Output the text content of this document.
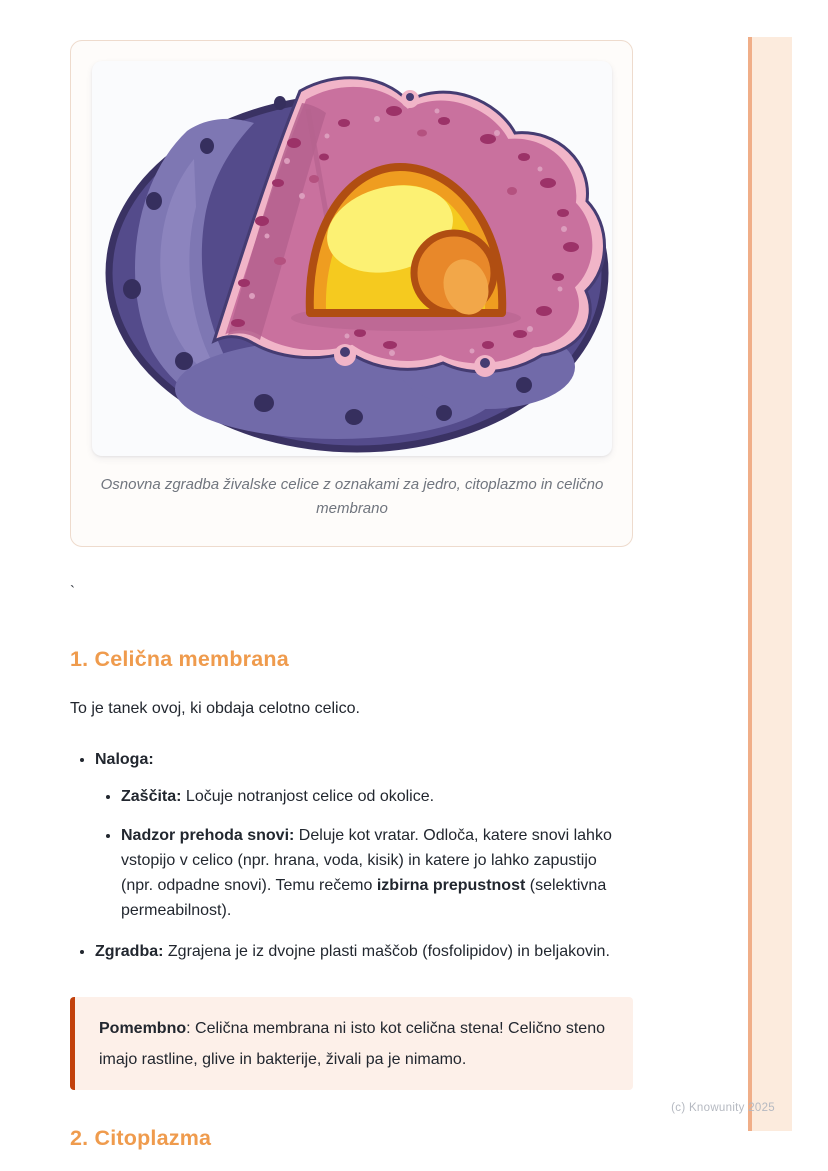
Osnovna zgradba živalske celice z oznakami za jedro, citoplazmo in celično membrano
`
1. Celična membrana

To je tanek ovoj, ki obdaja celotno celico.

• Naloga:
• Zaščita: Ločuje notranjost celice od okolice.
• Nadzor prehoda snovi: Deluje kot vratar. Odloča, katere snovi lahko vstopijo v celico (npr. hrana, voda, kisik) in katere jo lahko zapustijo (npr. odpadne snovi). Temu rečemo izbirna prepustnost (selektivna permeabilnost).
• Zgradba: Zgrajena je iz dvojne plasti maščob (fosfolipidov) in beljakovin.
Pomembno: Celična membrana ni isto kot celična stena! Celično steno imajo rastline, glive in bakterije, živali pa je nimamo.
2. Citoplazma
(c) Knowunity 2025
